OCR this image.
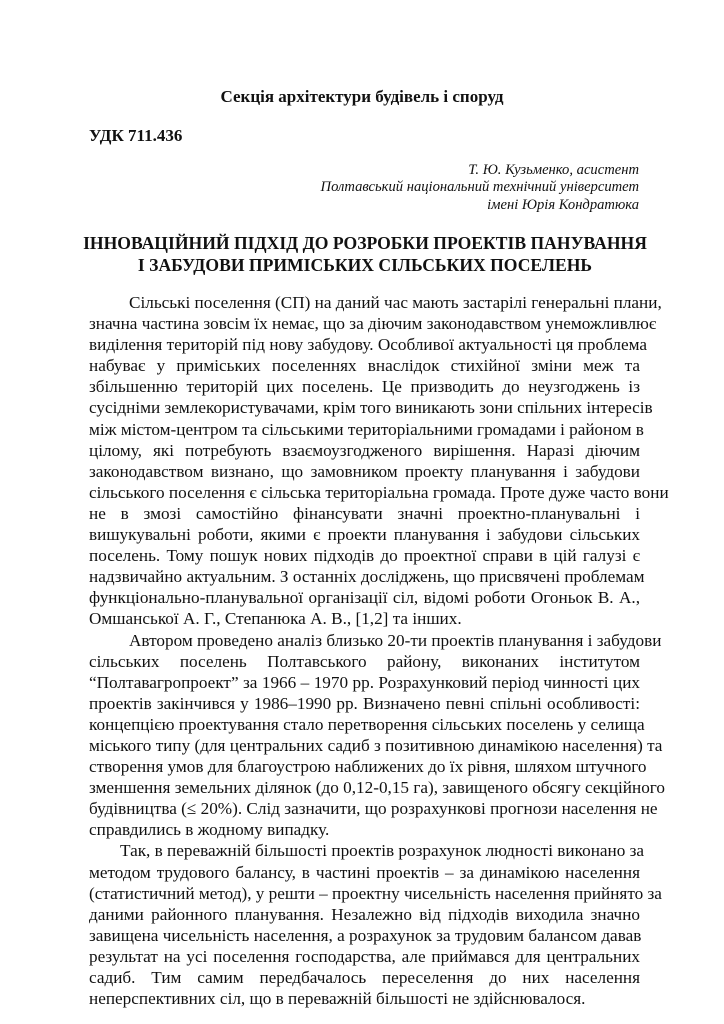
Секція архітектури будівель і споруд
УДК 711.436
Т. Ю. Кузьменко, асистент
Полтавський національний технічний університет
імені Юрія Кондратюка
ІННОВАЦІЙНИЙ ПІДХІД ДО РОЗРОБКИ ПРОЕКТІВ ПАНУВАННЯ
І ЗАБУДОВИ ПРИМІСЬКИХ СІЛЬСЬКИХ ПОСЕЛЕНЬ
Сільські поселення (СП) на даний час мають застарілі генеральні плани,
значна частина зовсім їх немає, що за діючим законодавством унеможливлює
виділення територій під нову забудову. Особливої актуальності ця проблема
набуває у приміських поселеннях внаслідок стихійної зміни меж та
збільшенню територій цих поселень. Це призводить до неузгоджень із
сусідніми землекористувачами, крім того виникають зони спільних інтересів
між містом-центром та сільськими територіальними громадами і районом в
цілому, які потребують взаємоузгодженого вирішення. Наразі діючим
законодавством визнано, що замовником проекту планування і забудови
сільського поселення є сільська територіальна громада. Проте дуже часто вони
не в змозі самостійно фінансувати значні проектно-планувальні і
вишукувальні роботи, якими є проекти планування і забудови сільських
поселень. Тому пошук нових підходів до проектної справи в цій галузі є
надзвичайно актуальним. З останніх досліджень, що присвячені проблемам
функціонально-планувальної організації сіл, відомі роботи Огоньок В. А.,
Омшанської А. Г., Степанюка А. В., [1,2] та інших.
Автором проведено аналіз близько 20-ти проектів планування і забудови
сільських поселень Полтавського району, виконаних інститутом
“Полтавагропроект” за 1966 – 1970 рр. Розрахунковий період чинності цих
проектів закінчився у 1986–1990 рр. Визначено певні спільні особливості:
концепцією проектування стало перетворення сільських поселень у селища
міського типу (для центральних садиб з позитивною динамікою населення) та
створення умов для благоустрою наближених до їх рівня, шляхом штучного
зменшення земельних ділянок (до 0,12-0,15 га), завищеного обсягу секційного
будівництва (≤ 20%). Слід зазначити, що розрахункові прогнози населення не
справдились в жодному випадку.
Так, в переважній більшості проектів розрахунок людності виконано за
методом трудового балансу, в частині проектів – за динамікою населення
(статистичний метод), у решти – проектну чисельність населення прийнято за
даними районного планування. Незалежно від підходів виходила значно
завищена чисельність населення, а розрахунок за трудовим балансом давав
результат на усі поселення господарства, але приймався для центральних
садиб. Тим самим передбачалось переселення до них населення
неперспективних сіл, що в переважній більшості не здійснювалося.
